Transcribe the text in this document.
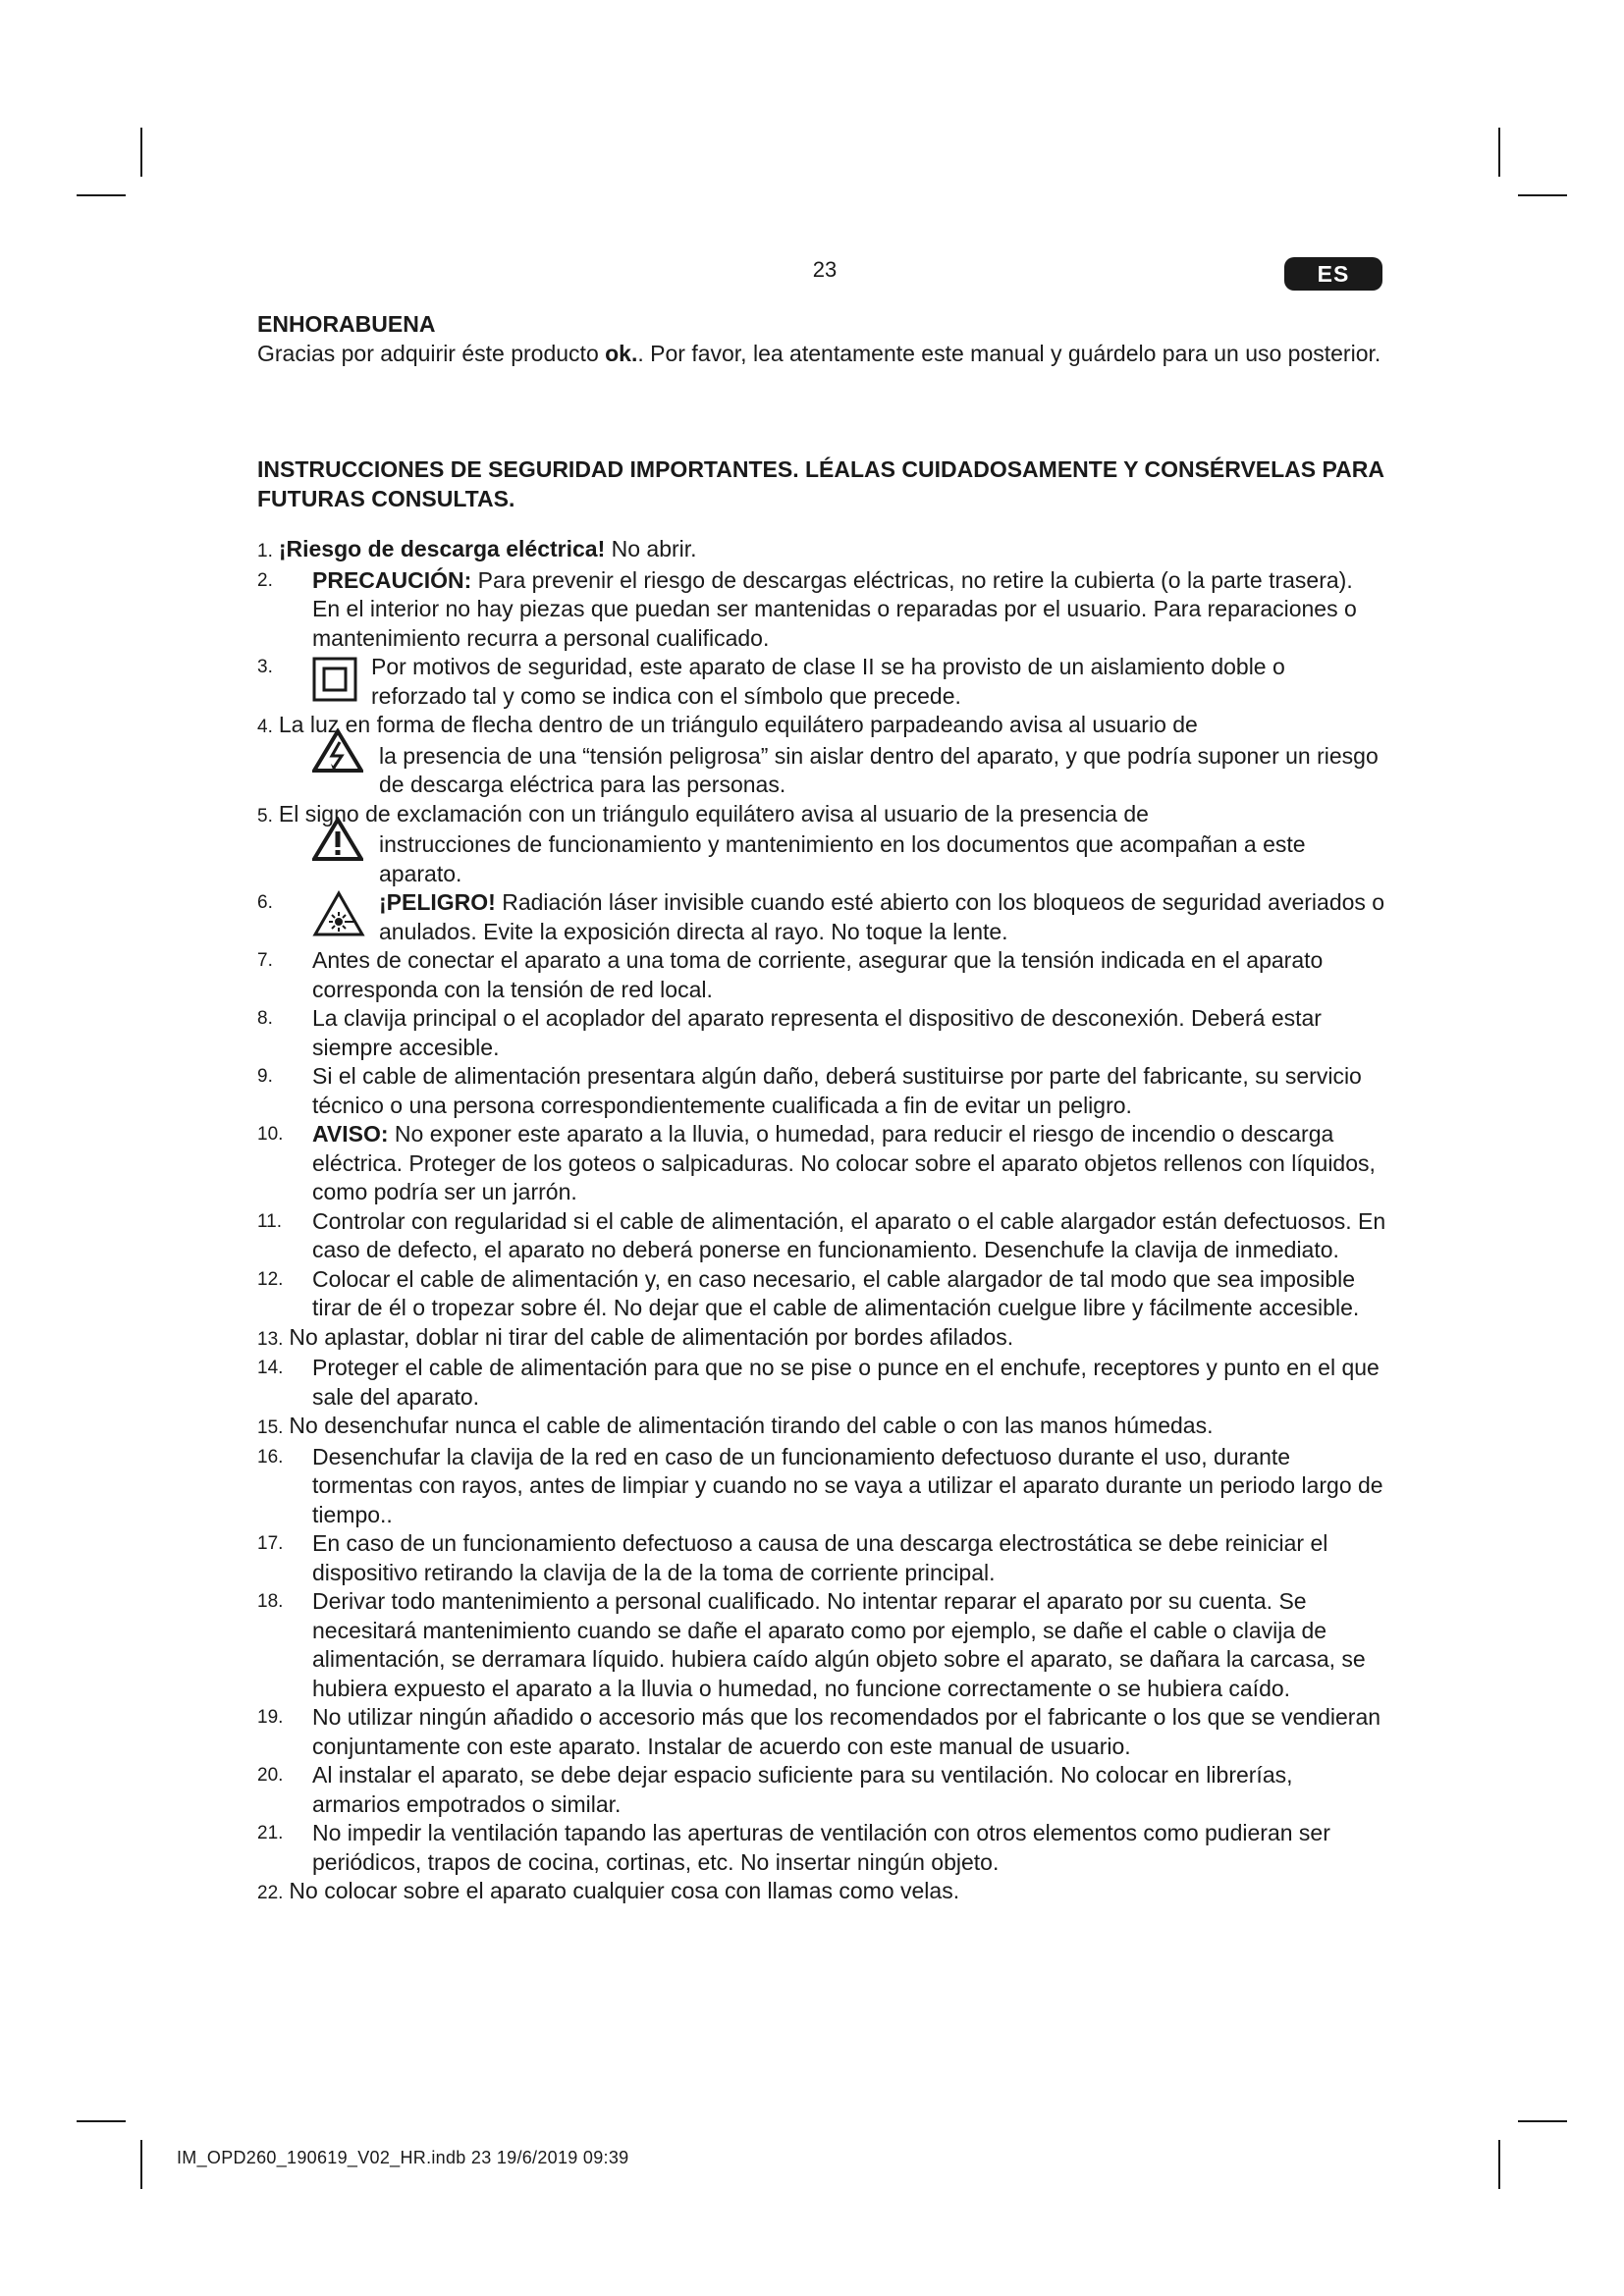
23	ES
ENHORABUENA

Gracias por adquirir éste producto ok.. Por favor, lea atentamente este manual y guárdelo para un uso posterior.

INSTRUCCIONES DE SEGURIDAD IMPORTANTES. LÉALAS CUIDADOSAMENTE Y CONSÉRVELAS PARA FUTURAS CONSULTAS.
1. ¡Riesgo de descarga eléctrica! No abrir.
2. PRECAUCIÓN: Para prevenir el riesgo de descargas eléctricas, no retire la cubierta (o la parte trasera). En el interior no hay piezas que puedan ser mantenidas o reparadas por el usuario. Para reparaciones o mantenimiento recurra a personal cualificado.
3.	Por motivos de seguridad, este aparato de clase II se ha provisto de un aislamiento doble o reforzado tal y como se indica con el símbolo que precede.
4. La luz en forma de flecha dentro de un triángulo equilátero parpadeando avisa al usuario de
la presencia de una “tensión peligrosa” sin aislar dentro del aparato, y que podría suponer un riesgo de descarga eléctrica para las personas.
5. El signo de exclamación con un triángulo equilátero avisa al usuario de la presencia de
instrucciones de funcionamiento y mantenimiento en los documentos que acompañan a este aparato.
6.	¡PELIGRO! Radiación láser invisible cuando esté abierto con los bloqueos de seguridad averiados o anulados. Evite la exposición directa al rayo. No toque la lente.
7. Antes de conectar el aparato a una toma de corriente, asegurar que la tensión indicada en el aparato corresponda con la tensión de red local.
8. La clavija principal o el acoplador del aparato representa el dispositivo de desconexión. Deberá estar siempre accesible.
9. Si el cable de alimentación presentara algún daño, deberá sustituirse por parte del fabricante, su servicio técnico o una persona correspondientemente cualificada a fin de evitar un peligro.
10. AVISO: No exponer este aparato a la lluvia, o humedad, para reducir el riesgo de incendio o descarga eléctrica. Proteger de los goteos o salpicaduras. No colocar sobre el aparato objetos rellenos con líquidos, como podría ser un jarrón.
11. Controlar con regularidad si el cable de alimentación, el aparato o el cable alargador están defectuosos. En caso de defecto, el aparato no deberá ponerse en funcionamiento. Desenchufe la clavija de inmediato.
12. Colocar el cable de alimentación y, en caso necesario, el cable alargador de tal modo que sea imposible tirar de él o tropezar sobre él. No dejar que el cable de alimentación cuelgue libre y fácilmente accesible.
13. No aplastar, doblar ni tirar del cable de alimentación por bordes afilados.
14. Proteger el cable de alimentación para que no se pise o punce en el enchufe, receptores y punto en el que sale del aparato.
15. No desenchufar nunca el cable de alimentación tirando del cable o con las manos húmedas.
16. Desenchufar la clavija de la red en caso de un funcionamiento defectuoso durante el uso, durante tormentas con rayos, antes de limpiar y cuando no se vaya a utilizar el aparato durante un periodo largo de tiempo..
17. En caso de un funcionamiento defectuoso a causa de una descarga electrostática se debe reiniciar el dispositivo retirando la clavija de la de la toma de corriente principal.
18. Derivar todo mantenimiento a personal cualificado. No intentar reparar el aparato por su cuenta. Se necesitará mantenimiento cuando se dañe el aparato como por ejemplo, se dañe el cable o clavija de alimentación, se derramara líquido. hubiera caído algún objeto sobre el aparato, se dañara la carcasa, se hubiera expuesto el aparato a la lluvia o humedad, no funcione correctamente o se hubiera caído.
19. No utilizar ningún añadido o accesorio más que los recomendados por el fabricante o los que se vendieran conjuntamente con este aparato. Instalar de acuerdo con este manual de usuario.
20. Al instalar el aparato, se debe dejar espacio suficiente para su ventilación. No colocar en librerías, armarios empotrados o similar.
21. No impedir la ventilación tapando las aperturas de ventilación con otros elementos como pudieran ser periódicos, trapos de cocina, cortinas, etc. No insertar ningún objeto.
22. No colocar sobre el aparato cualquier cosa con llamas como velas.
IM_OPD260_190619_V02_HR.indb 23 19/6/2019 09:39
